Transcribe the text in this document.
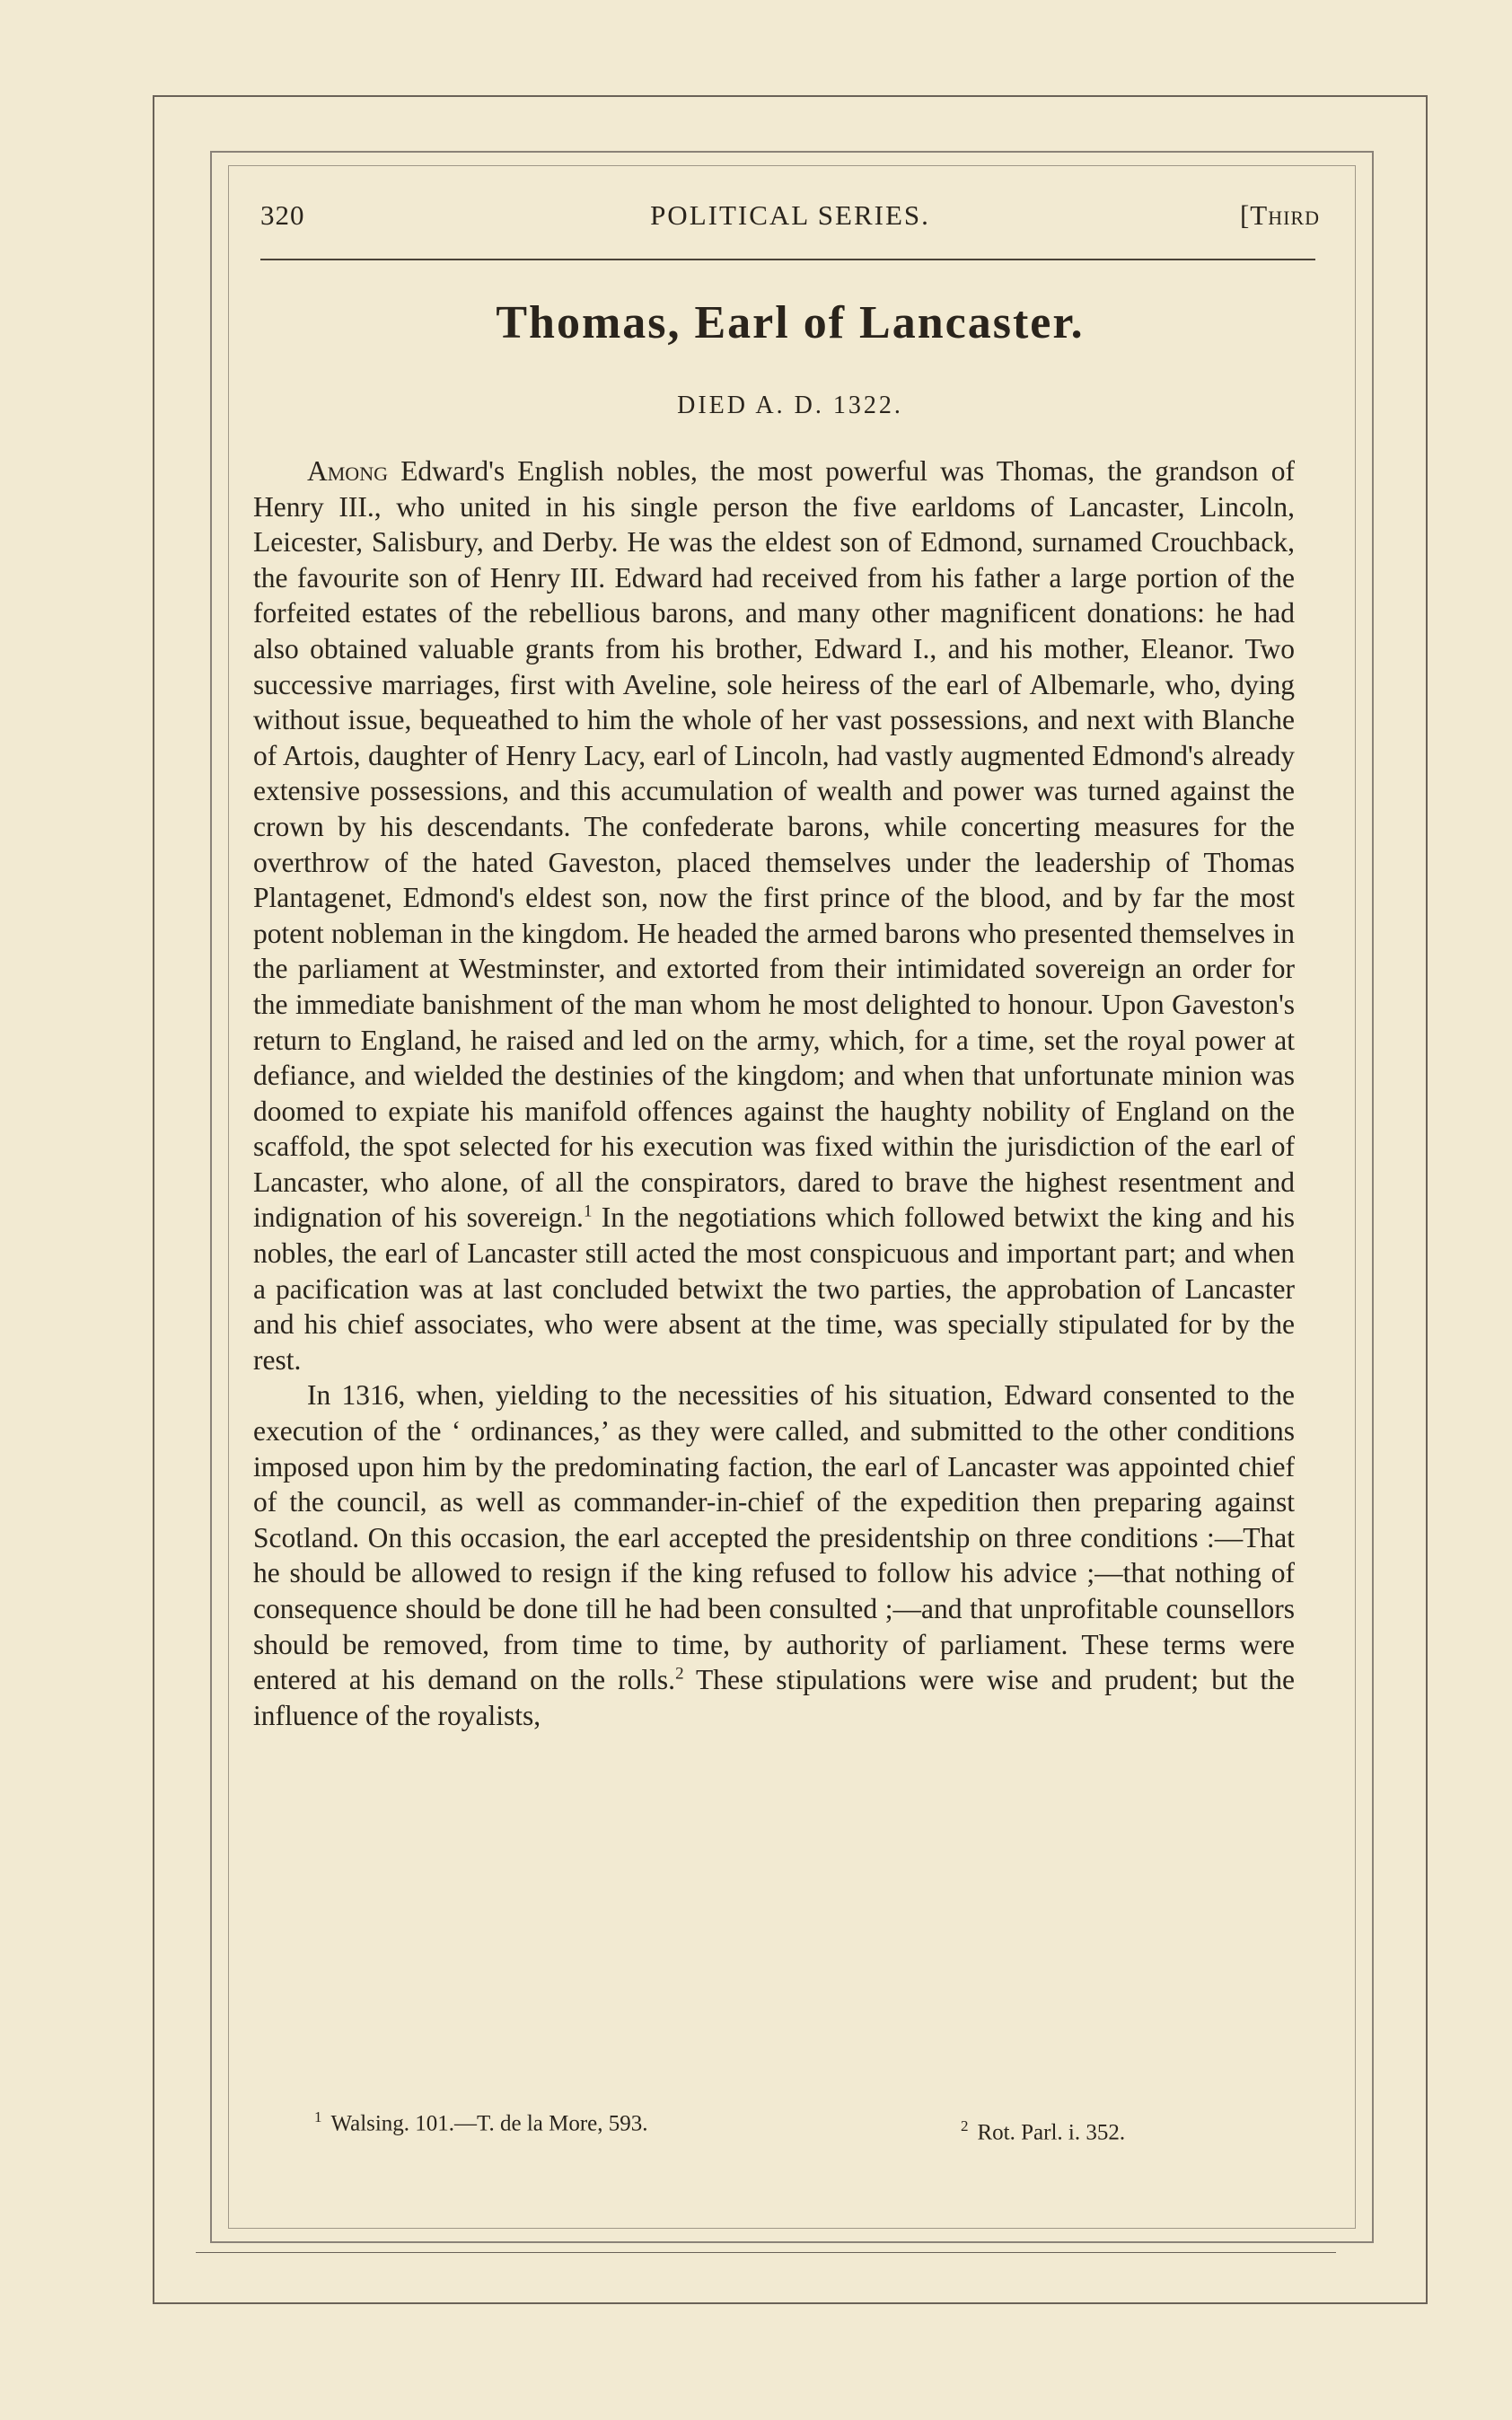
320	POLITICAL SERIES.	[Third
Thomas, Earl of Lancaster.
DIED A. D. 1322.

Among Edward's English nobles, the most powerful was Thomas, the grandson of Henry III., who united in his single person the five earldoms of Lancaster, Lincoln, Leicester, Salisbury, and Derby. He was the eldest son of Edmond, surnamed Crouchback, the favourite son of Henry III. Edward had received from his father a large portion of the forfeited estates of the rebellious barons, and many other magnificent donations: he had also obtained valuable grants from his brother, Edward I., and his mother, Eleanor. Two successive marriages, first with Aveline, sole heiress of the earl of Albemarle, who, dying without issue, bequeathed to him the whole of her vast possessions, and next with Blanche of Artois, daughter of Henry Lacy, earl of Lincoln, had vastly augmented Edmond's already extensive possessions, and this accumulation of wealth and power was turned against the crown by his descendants. The confederate barons, while concerting measures for the overthrow of the hated Gaveston, placed themselves under the leadership of Thomas Plantagenet, Edmond's eldest son, now the first prince of the blood, and by far the most potent nobleman in the kingdom. He headed the armed barons who presented themselves in the parliament at Westminster, and extorted from their intimidated sovereign an order for the immediate banishment of the man whom he most delighted to honour. Upon Gaveston's return to England, he raised and led on the army, which, for a time, set the royal power at defiance, and wielded the destinies of the kingdom; and when that unfortunate minion was doomed to expiate his manifold offences against the haughty nobility of England on the scaffold, the spot selected for his execution was fixed within the jurisdiction of the earl of Lancaster, who alone, of all the conspirators, dared to brave the highest resentment and indignation of his sovereign.$^1$ In the negotiations which followed betwixt the king and his nobles, the earl of Lancaster still acted the most conspicuous and important part; and when a pacification was at last concluded betwixt the two parties, the approbation of Lancaster and his chief associates, who were absent at the time, was specially stipulated for by the rest.

In 1316, when, yielding to the necessities of his situation, Edward consented to the execution of the ‘ ordinances,’ as they were called, and submitted to the other conditions imposed upon him by the predominating faction, the earl of Lancaster was appointed chief of the council, as well as commander-in-chief of the expedition then preparing against Scotland. On this occasion, the earl accepted the presidentship on three conditions :—That he should be allowed to resign if the king refused to follow his advice ;—that nothing of consequence should be done till he had been consulted ;—and that unprofitable counsellors should be removed, from time to time, by authority of parliament. These terms were entered at his demand on the rolls.$^2$ These stipulations were wise and prudent; but the influence of the royalists,

$^1$ Walsing. 101.—T. de la More, 593.	$^2$ Rot. Parl. i. 352.
